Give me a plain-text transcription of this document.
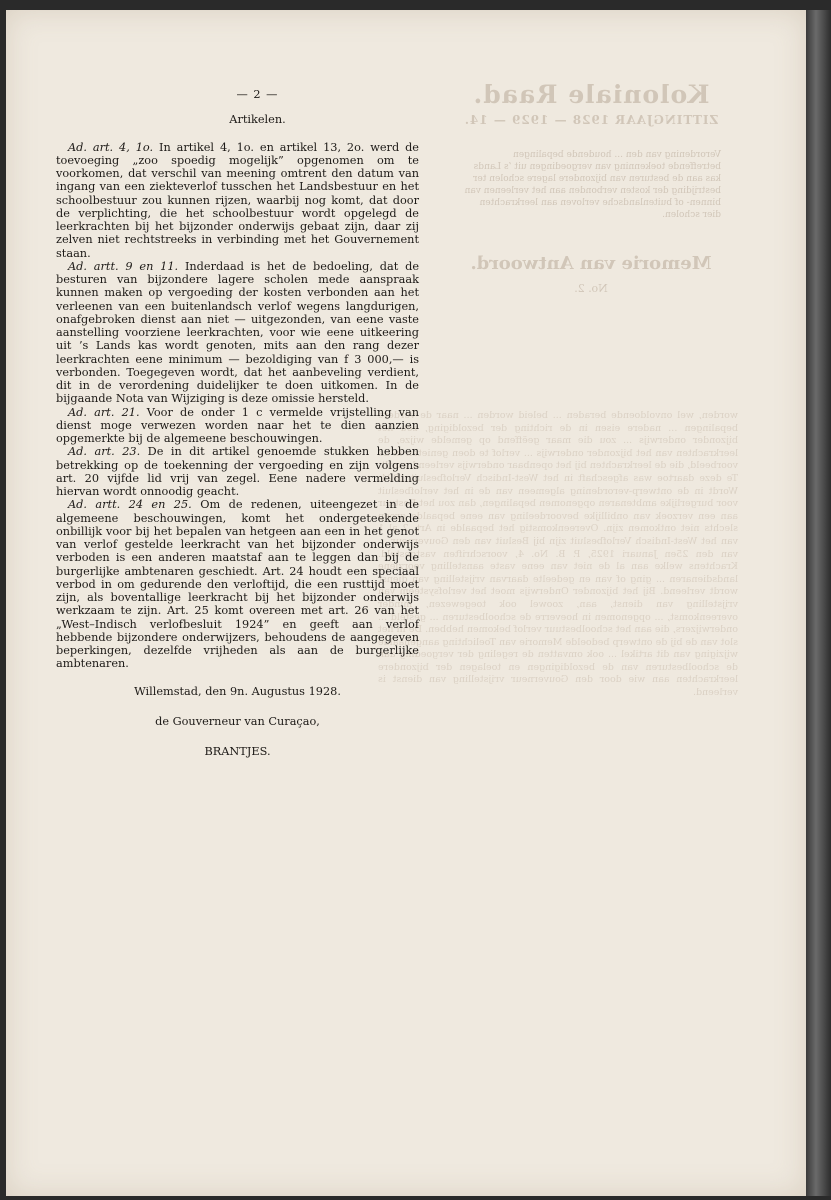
Koloniale Raad.
ZITTINGJAAR 1928 — 1929 — 14.
Verordening van den ... houdende bepalingen betreffende toekenning van vergoedingen uit ’s Lands kas aan de besturen van bijzondere lagere scholen ter bestrijding der kosten verbonden aan het verleenen van binnen- of buitenlandsche verloven aan leerkrachten dier scholen.
Memorie van Antwoord.
No. 2.
worden, wel onvoldoende beraden ... beleid worden ... naar de verdere bepalingen ... nadere eisen in de richting der bezoldiging, zou het bijzonder onderwijs ... zou die maar geëffend op gemelde wijze, de leerkrachten van het bijzonder onderwijs ... verlof te doen genieten in de voorbeeld, die de leerkrachten bij het openbaar onderwijs verleend wordt. Te deze daartoe was afgeschaft in het West-Indisch Verlofbesluit 1924. Wordt in de ontwerp-verordening algemeen van de in het verlofbesluit voor burgerlijke ambtenaren opgenomen bepalingen, dan zou het Bestuur aan een verzoek van onbillijke bevoordeeling van eene bepaalde groep slechts niet ontkomen zijn. Overeenkomstig het bepaalde in Art. 2 al 1 van het West-Indisch Verlofbesluit zijn bij Besluit van den Gouverneur ... van den 25en Januari 1925, P. B. No. 4, voorschriften vastgesteld. Krachtens welke aan al de niet van eene vaste aanstelling voorziene landsdienaren ... ging of van en gedeelte daarvan vrijstelling van dienst wordt verleend. Bij het bijzonder Onderwijs moet het verlofsysteem van vrijstelling van dienst, aan, zoowel ook toegewezen, minder overeenkomst, ... opgenomen in hoeverre de schoolbesturen ... gesteld ... onderwijzers, die aan het schoolbestuur verlof bekomen hebben. De in het slot van de bij de ontwerp bedoelde Memorie van Toelichting aangehaalde wijziging van dit artikel ... ook omvatten de regeling der vergoeding aan de schoolbesturen van de bezoldigingen en toelagen der bijzondere leerkrachten aan wie door den Gouverneur vrijstelling van dienst is verleend.
— 2 —
Artikelen.

Ad. art. 4, 1o. In artikel 4, 1o. en artikel 13, 2o. werd de toevoeging „zoo spoedig mogelijk” opgenomen om te voorkomen, dat verschil van meening omtrent den datum van ingang van een ziekteverlof tusschen het Landsbestuur en het schoolbestuur zou kunnen rijzen, waarbij nog komt, dat door de verplichting, die het schoolbestuur wordt opgelegd de leerkrachten bij het bijzonder onderwijs gebaat zijn, daar zij zelven niet rechtstreeks in verbinding met het Gouvernement staan.

Ad. artt. 9 en 11. Inderdaad is het de bedoeling, dat de besturen van bijzondere lagere scholen mede aanspraak kunnen maken op vergoeding der kosten verbonden aan het verleenen van een buitenlandsch verlof wegens langdurigen, onafgebroken dienst aan niet — uitgezonden, van eene vaste aanstelling voorziene leerkrachten, voor wie eene uitkeering uit ’s Lands kas wordt genoten, mits aan den rang dezer leerkrachten eene minimum — bezoldiging van f 3 000,— is verbonden. Toegegeven wordt, dat het aanbeveling verdient, dit in de verordening duidelijker te doen uitkomen. In de bijgaande Nota van Wijziging is deze omissie hersteld.

Ad. art. 21. Voor de onder 1 c vermelde vrijstelling van dienst moge verwezen worden naar het te dien aanzien opgemerkte bij de algemeene beschouwingen.

Ad. art. 23. De in dit artikel genoemde stukken hebben betrekking op de toekenning der vergoeding en zijn volgens art. 20 vijfde lid vrij van zegel. Eene nadere vermelding hiervan wordt onnoodig geacht.

Ad. artt. 24 en 25. Om de redenen, uiteengezet in de algemeene beschouwingen, komt het ondergeteekende onbillijk voor bij het bepalen van hetgeen aan een in het genot van verlof gestelde leerkracht van het bijzonder onderwijs verboden is een anderen maatstaf aan te leggen dan bij de burgerlijke ambtenaren geschiedt. Art. 24 houdt een speciaal verbod in om gedurende den verloftijd, die een rusttijd moet zijn, als boventallige leerkracht bij het bijzonder onderwijs werkzaam te zijn. Art. 25 komt overeen met art. 26 van het „West–Indisch verlofbesluit 1924” en geeft aan verlof hebbende bijzondere onderwijzers, behoudens de aangegeven beperkingen, dezelfde vrijheden als aan de burgerlijke ambtenaren.

Willemstad, den 9n. Augustus 1928.

de Gouverneur van Curaçao,

BRANTJES.
